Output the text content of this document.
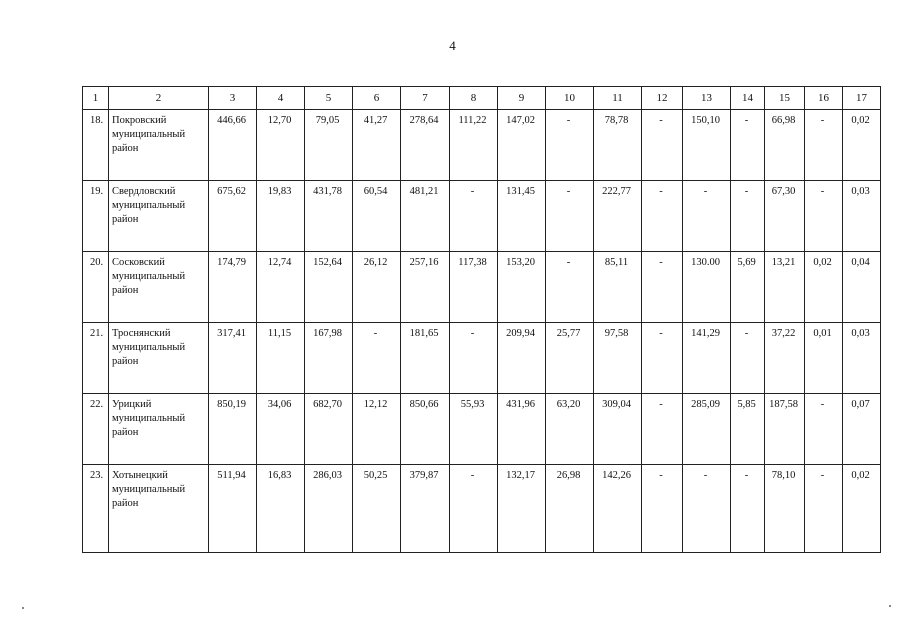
4
1	2	3	4	5	6	7	8	9	10	11	12	13	14	15	16	17
18.	Покровский
муниципальный
район	446,66	12,70	79,05	41,27	278,64	111,22	147,02	-	78,78	-	150,10	-	66,98	-	0,02
19.	Свердловский
муниципальный
район	675,62	19,83	431,78	60,54	481,21	-	131,45	-	222,77	-	-	-	67,30	-	0,03
20.	Сосковский
муниципальный
район	174,79	12,74	152,64	26,12	257,16	117,38	153,20	-	85,11	-	130.00	5,69	13,21	0,02	0,04
21.	Троснянский
муниципальный
район	317,41	11,15	167,98	-	181,65	-	209,94	25,77	97,58	-	141,29	-	37,22	0,01	0,03
22.	Урицкий
муниципальный
район	850,19	34,06	682,70	12,12	850,66	55,93	431,96	63,20	309,04	-	285,09	5,85	187,58	-	0,07
23.	Хотынецкий
муниципальный
район	511,94	16,83	286,03	50,25	379,87	-	132,17	26,98	142,26	-	-	-	78,10	-	0,02
